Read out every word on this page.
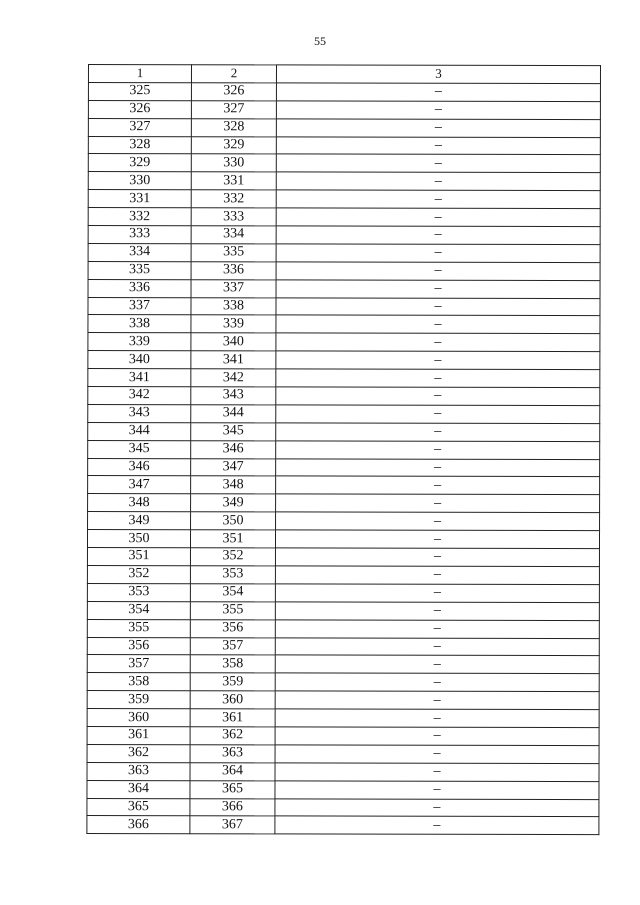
55
1	2	3
325	326	–
326	327	–
327	328	–
328	329	–
329	330	–
330	331	–
331	332	–
332	333	–
333	334	–
334	335	–
335	336	–
336	337	–
337	338	–
338	339	–
339	340	–
340	341	–
341	342	–
342	343	–
343	344	–
344	345	–
345	346	–
346	347	–
347	348	–
348	349	–
349	350	–
350	351	–
351	352	–
352	353	–
353	354	–
354	355	–
355	356	–
356	357	–
357	358	–
358	359	–
359	360	–
360	361	–
361	362	–
362	363	–
363	364	–
364	365	–
365	366	–
366	367	–
